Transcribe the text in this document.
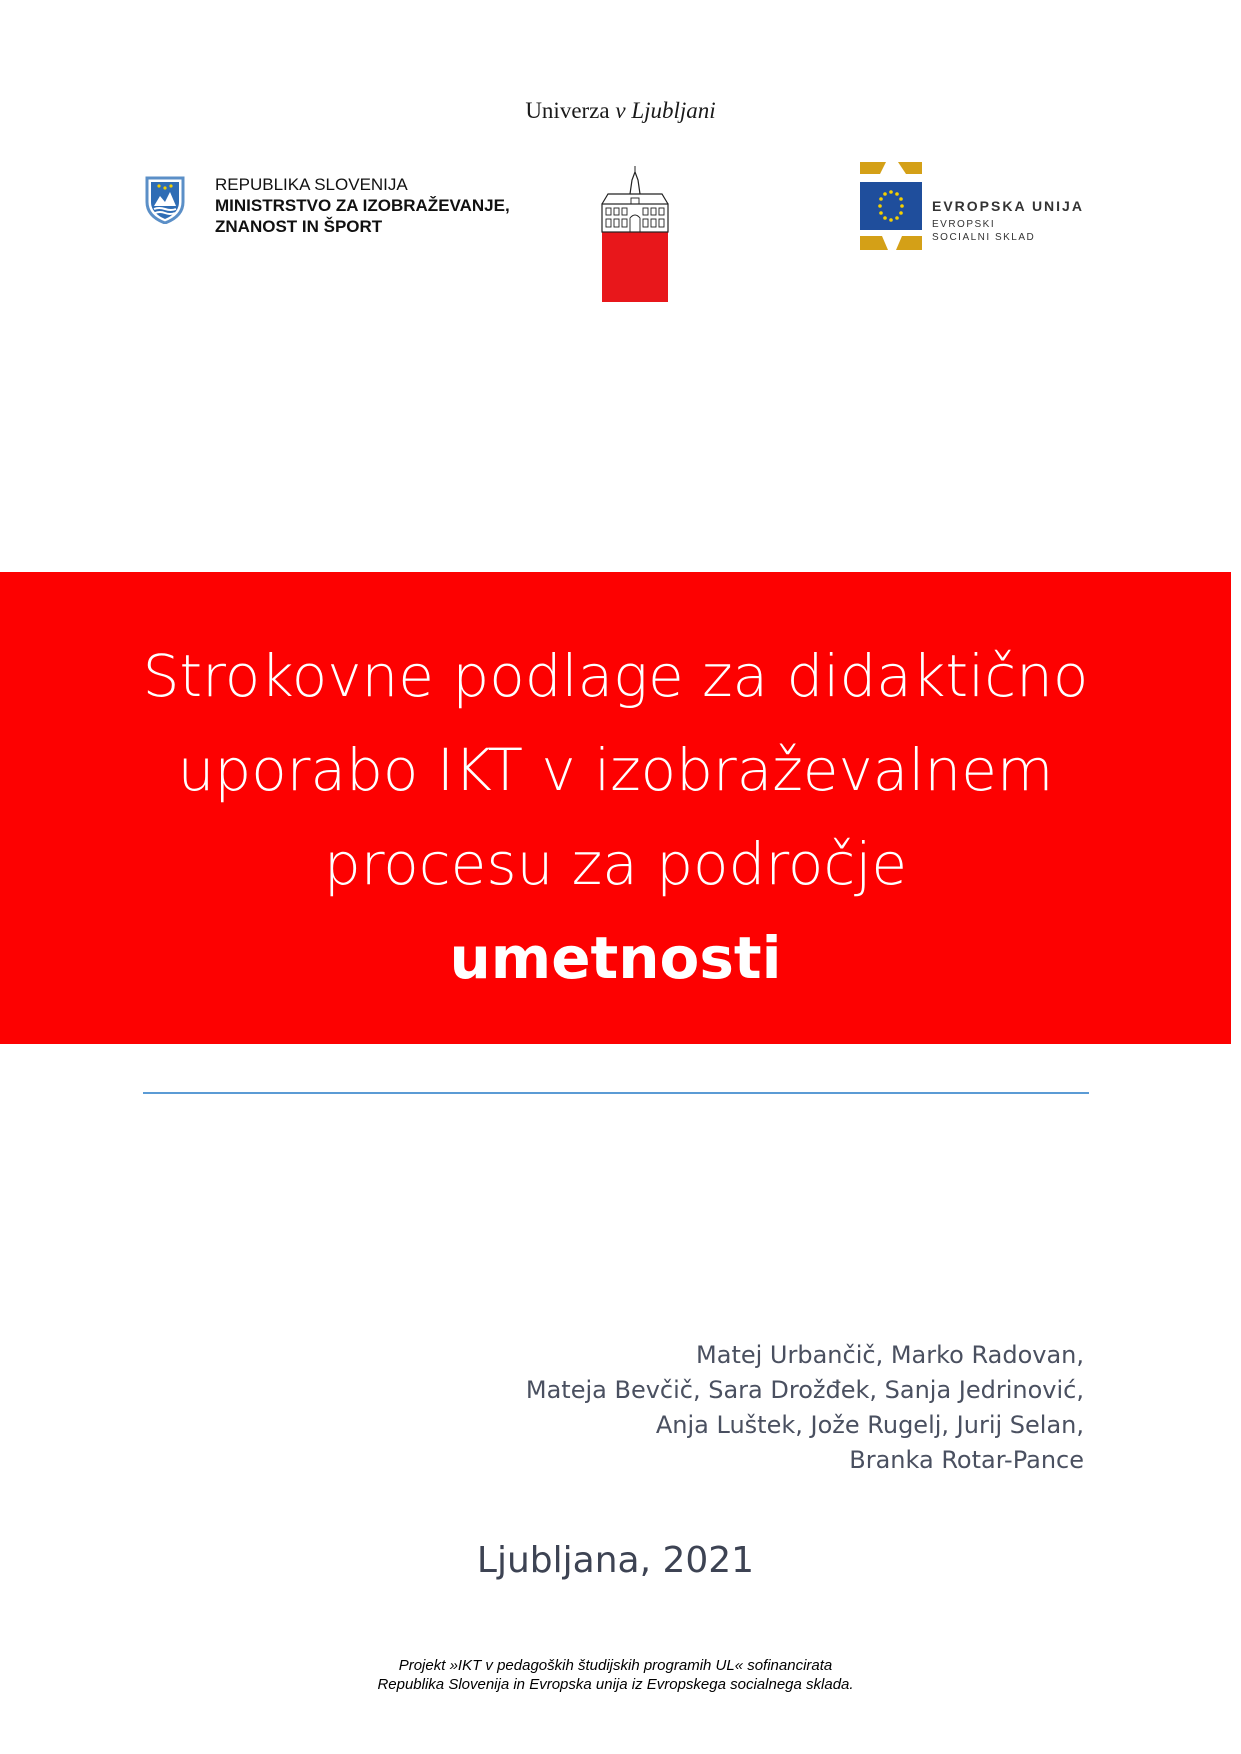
Univerza v Ljubljani
REPUBLIKA SLOVENIJA
MINISTRSTVO ZA IZOBRAŽEVANJE,
ZNANOST IN ŠPORT
EVROPSKA UNIJA
EVROPSKI
SOCIALNI SKLAD
Strokovne podlage za didaktično
uporabo IKT v izobraževalnem
procesu za področje
umetnosti
Matej Urbančič, Marko Radovan,
Mateja Bevčič, Sara Drožđek, Sanja Jedrinović,
Anja Luštek, Jože Rugelj, Jurij Selan,
Branka Rotar-Pance
Ljubljana, 2021
Projekt »IKT v pedagoških študijskih programih UL« sofinancirata
Republika Slovenija in Evropska unija iz Evropskega socialnega sklada.
